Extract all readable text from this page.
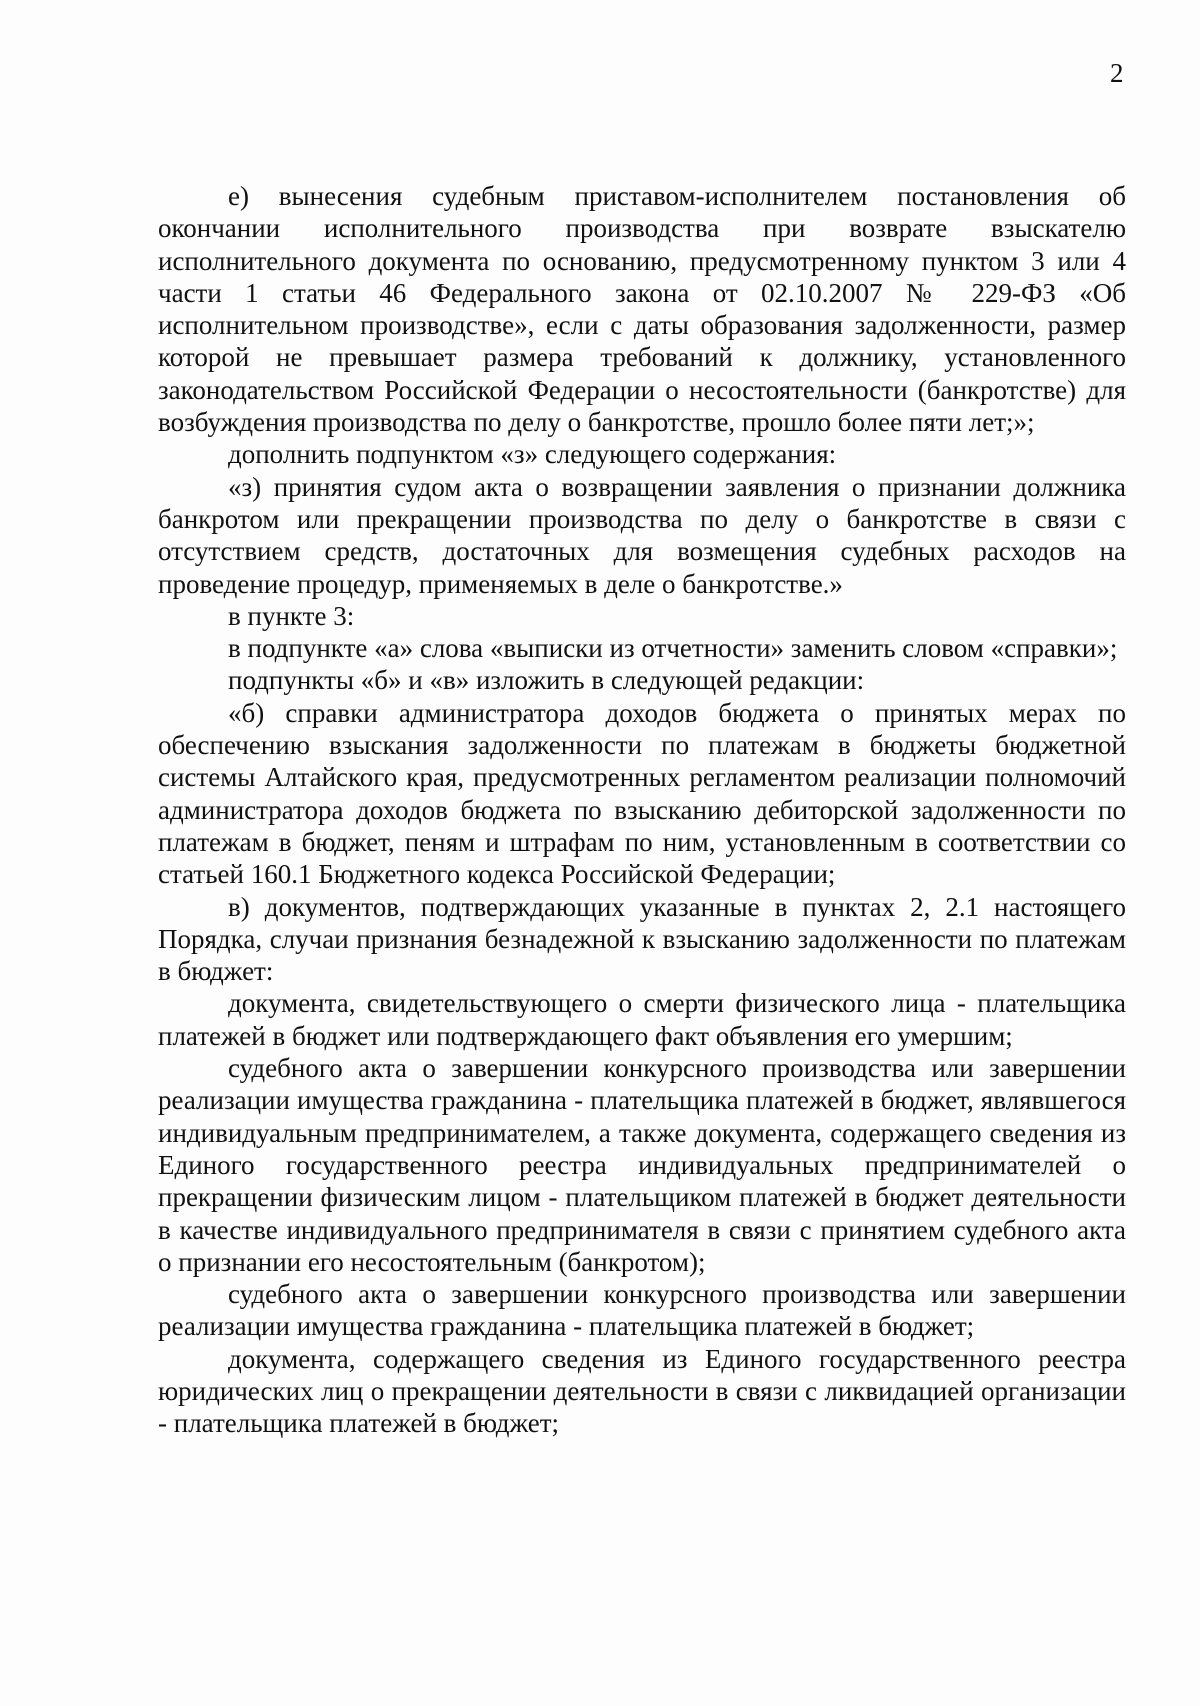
2

е) вынесения судебным приставом-исполнителем постановления об окончании исполнительного производства при возврате взыскателю исполнительного документа по основанию, предусмотренному пунктом 3 или 4 части 1 статьи 46 Федерального закона от 02.10.2007 № 229-ФЗ «Об исполнительном производстве», если с даты образования задолженности, размер которой не превышает размера требований к должнику, установленного законодательством Российской Федерации о несостоятельности (банкротстве) для возбуждения производства по делу о банкротстве, прошло более пяти лет;»;

дополнить подпунктом «з» следующего содержания:

«з) принятия судом акта о возвращении заявления о признании должника банкротом или прекращении производства по делу о банкротстве в связи с отсутствием средств, достаточных для возмещения судебных расходов на проведение процедур, применяемых в деле о банкротстве.»

в пункте 3:

в подпункте «а» слова «выписки из отчетности» заменить словом «справки»;

подпункты «б» и «в» изложить в следующей редакции:

«б) справки администратора доходов бюджета о принятых мерах по обеспечению взыскания задолженности по платежам в бюджеты бюджетной системы Алтайского края, предусмотренных регламентом реализации полномочий администратора доходов бюджета по взысканию дебиторской задолженности по платежам в бюджет, пеням и штрафам по ним, установленным в соответствии со статьей 160.1 Бюджетного кодекса Российской Федерации;

в) документов, подтверждающих указанные в пунктах 2, 2.1 настоящего Порядка, случаи признания безнадежной к взысканию задолженности по платежам в бюджет:

документа, свидетельствующего о смерти физического лица - плательщика платежей в бюджет или подтверждающего факт объявления его умершим;

судебного акта о завершении конкурсного производства или завершении реализации имущества гражданина - плательщика платежей в бюджет, являвшегося индивидуальным предпринимателем, а также документа, содержащего сведения из Единого государственного реестра индивидуальных предпринимателей о прекращении физическим лицом - плательщиком платежей в бюджет деятельности в качестве индивидуального предпринимателя в связи с принятием судебного акта о признании его несостоятельным (банкротом);

судебного акта о завершении конкурсного производства или завершении реализации имущества гражданина - плательщика платежей в бюджет;

документа, содержащего сведения из Единого государственного реестра юридических лиц о прекращении деятельности в связи с ликвидацией организации - плательщика платежей в бюджет;
